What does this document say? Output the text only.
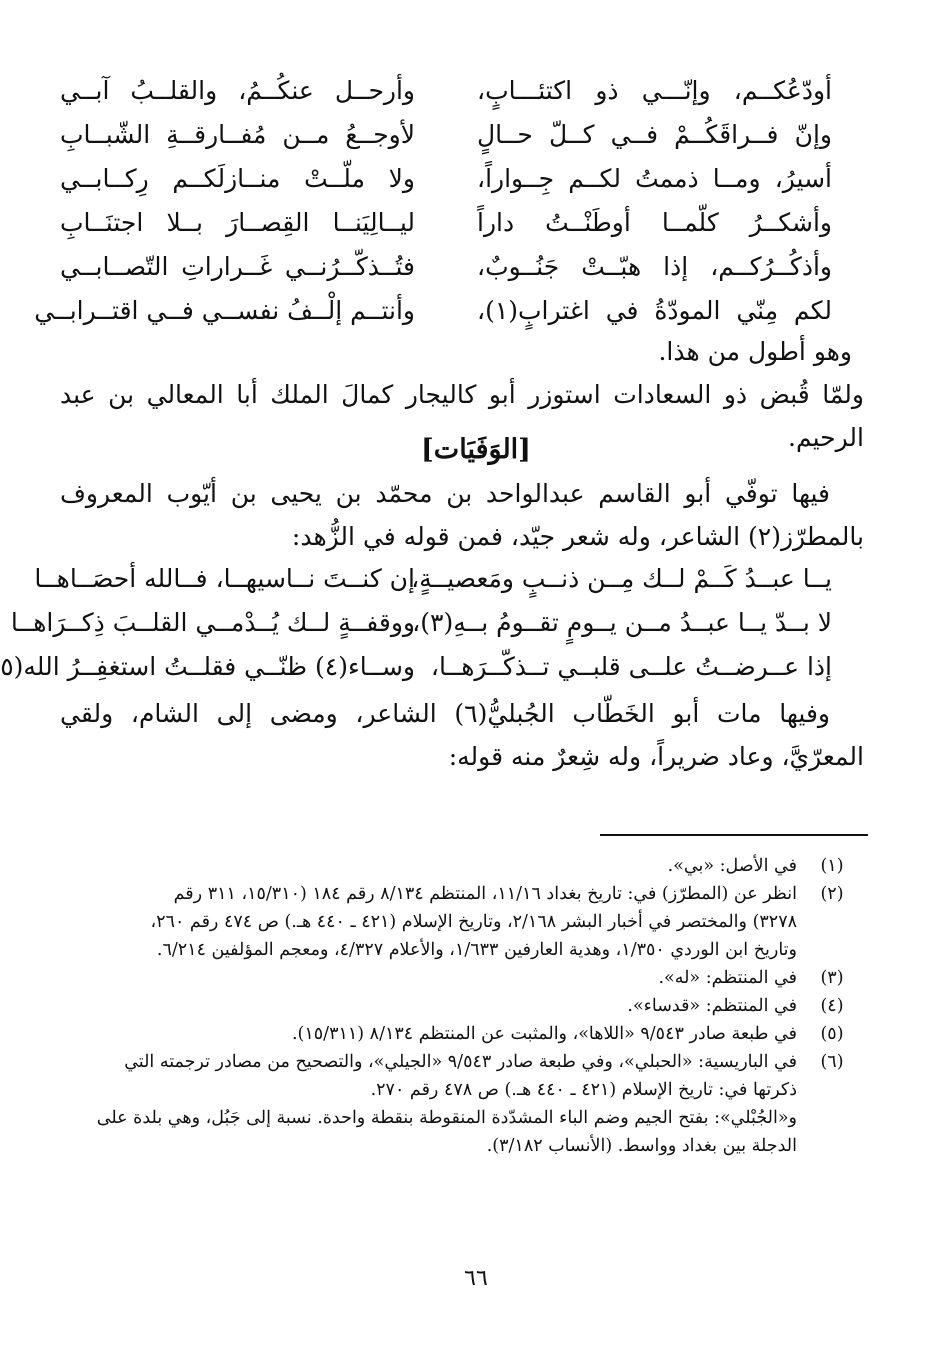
أودّعُكــم، وإنّـــي ذو اكتئـــابٍ،
وأرحــل عنكُــمُ، والقلــبُ آبــي
وإنّ فــراقَكُــمْ فــي كــلّ حــالٍ
لأوجــعُ مــن مُفــارقــةِ الشّبــابِ
أسيرُ، ومــا ذممتُ لكــم جِــواراً،
ولا ملّــتْ منــازلَكــم رِكــابــي
وأشكــرُ كلّمــا أوطَنْــتُ داراً
ليــالِيَنــا القِصــارَ بــلا اجتنَــابِ
وأذكُــرُكــم، إذا هبّــتْ جَنُــوبٌ،
فتُــذكّــرُنــي غَــراراتِ التّصــابــي
لكم مِنّي المودّةُ في اغترابٍ(١)،
وأنتــم إلْــفُ نفســي فــي اقتــرابــي

وهو أطول من هذا.

ولمّا قُبض ذو السعادات استوزر أبو كاليجار كمالَ الملك أبا المعالي بن عبد الرحيم.

[الوَفَيَات]

فيها توفّي أبو القاسم عبدالواحد بن محمّد بن يحيى بن أيّوب المعروف بالمطرّز(٢) الشاعر، وله شعر جيّد، فمن قوله في الزُّهد:

يــا عبــدُ كَــمْ لــك مِــن ذنــبٍ ومَعصيــةٍ،
إن كنــتَ نــاسيهــا، فــالله أحصَــاهــا
لا بــدّ يــا عبــدُ مــن يــومٍ تقــومُ بــهِ(٣)،
ووقفــةٍ لــك يُــدْمــي القلــبَ ذِكــرَاهــا
إذا عــرضــتُ علــى قلبــي تــذكّــرَهــا،
وســاء(٤) ظنّــي فقلــتُ استغفِــرُ الله(٥

وفيها مات أبو الخَطّاب الجُبليُّ(٦) الشاعر، ومضى إلى الشام، ولقي المعرّيَّ، وعاد ضريراً، وله شِعرٌ منه قوله:

(١)
في الأصل: «بي».
(٢)
انظر عن (المطرّز) في: تاريخ بغداد ١١/١٦، المنتظم ٨/١٣٤ رقم ١٨٤ (١٥/٣١٠، ٣١١ رقم
٣٢٧٨) والمختصر في أخبار البشر ٢/١٦٨، وتاريخ الإسلام (٤٢١ ـ ٤٤٠ هـ.) ص ٤٧٤ رقم ٢٦٠،
وتاريخ ابن الوردي ١/٣٥٠، وهدية العارفين ١/٦٣٣، والأعلام ٤/٣٢٧، ومعجم المؤلفين ٦/٢١٤.
(٣)
في المنتظم: «له».
(٤)
في المنتظم: «قدساء».
(٥)
في طبعة صادر ٩/٥٤٣ «اللاها»، والمثبت عن المنتظم ٨/١٣٤ (١٥/٣١١).
(٦)
في الباريسية: «الحبلي»، وفي طبعة صادر ٩/٥٤٣ «الجيلي»، والتصحيح من مصادر ترجمته التي
ذكرتها في: تاريخ الإسلام (٤٢١ ـ ٤٤٠ هـ.) ص ٤٧٨ رقم ٢٧٠.
و«الجُبْلي»: بفتح الجيم وضم الباء المشدّدة المنقوطة بنقطة واحدة. نسبة إلى جَبُل، وهي بلدة على
الدجلة بين بغداد وواسط. (الأنساب ٣/١٨٢).
٦٦
